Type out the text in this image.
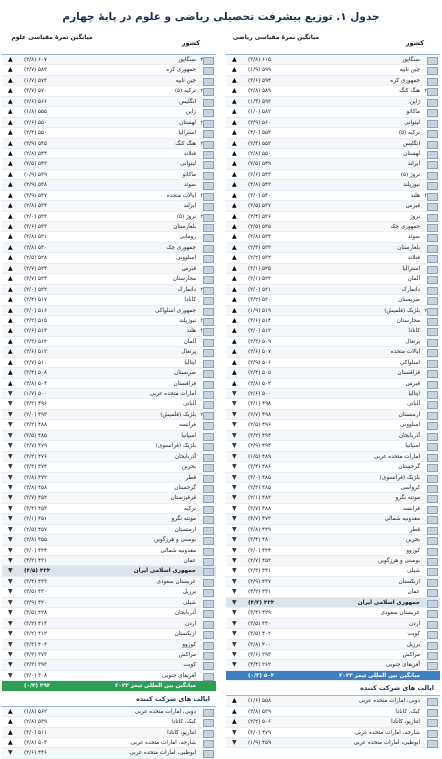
جدول ۱. توزیع پیشرفت تحصیلی ریاضی و علوم در پایهٔ چهارم
کشور
میانگین نمرهٔ مقیاسی ریاضی
سنگاپور
(۳/۸) ۶۱۵
▲
چین تایپه
(۱/۹) ۵۹۹
▲
جمهوری کره
(۳/۶) ۵۹۴
▲
۲
هنگ کنگ
(۲/۸) ۵۸۹
▲
ژاپن
(۱/۳) ۵۹۳
▲
ماکائو
(۱/۰) ۵۸۲
▲
لیتوانی
(۲/۹) ۵۶۰
▲
ترکیه (۵)
(۴/۰) ۵۵۳
▲
انگلیس
(۲/۴) ۵۵۲
▲
لهستان
(۲/۸) ۵۵۰
▲
ایرلند
(۲/۵) ۵۴۹
▲
نروژ (۵)
(۲/۶) ۵۴۳
▲
نیوزیلند
(۴/۸) ۵۴۲
▲
†
هلند
(۳/۰) ۵۴۰
▲
قبرس
(۳/۵) ۵۳۷
▲
نروژ
(۲/۴) ۵۳۶
▲
جمهوری چک
(۲/۵) ۵۳۵
▲
سوئد
(۲/۸) ۵۳۴
▲
بلغارستان
(۲/۳) ۵۳۳
▲
فنلاند
(۲/۲) ۵۳۲
▲
استرالیا
(۳/۱) ۵۲۵
▲
آلمان
(۲/۱) ۵۲۲
▲
دانمارک
(۲/۰) ۵۲۱
▲
صربستان
(۳/۲) ۵۲۰
▲
۲
بلژیک (فلمیش)
(۱/۹) ۵۱۹
▲
مجارستان
(۳/۶) ۵۱۴
▲
کانادا
(۲/۰) ۵۱۲
▲
پرتغال
(۲/۳) ۵۰۹
▲
ایالات متحده
(۲/۶) ۵۰۷
▲
اسلواکی
(۲/۹) ۵۰۶
▲
قزاقستان
(۲/۴) ۵۰۵
▲
قبرس
(۲/۸) ۵۰۲
▲
ایتالیا
(۲/۶) ۵۰۰
▼
آلبانی
(۳/۱) ۴۹۸
▼
ارمنستان
(۲/۷) ۴۹۸
▼
اسلوونی
(۲/۵) ۴۹۶
▼
آذربایجان
(۳/۲) ۴۹۴
▼
اسپانیا
(۲/۹) ۴۹۴
▼
امارات متحده عربی
(۱/۵) ۴۸۹
▼
گرجستان
(۳/۴) ۴۸۶
▼
بلژیک (فرانسوی)
(۳/۰) ۴۸۵
▼
کرواسی
(۲/۳) ۴۸۵
▼
مونته نگرو
(۲/۱) ۴۸۲
▼
فرانسه
(۳/۷) ۴۸۸
▼
مقدونیه شمالی
(۴/۷) ۴۷۲
▼
قطر
(۳/۸) ۴۴۹
▼
بحرین
(۳/۴) ۴۸۰
▼
کوزوو
(۲/۰) ۴۴۴
▼
بوسنی و هرزگوین
(۲/۷) ۴۵۲
▼
شیلی
(۲/۳) ۴۴۱
▼
ازبکستان
(۲/۹) ۴۳۷
▼
عمان
(۴/۲) ۴۳۱
▼
جمهوری اسلامی ایران
(۴/۳) ۴۳۴
▼
عربستان سعودی
(۳/۴) ۴۲۹
▼
اردن
(۳/۵) ۴۳۰
▼
کویت
(۳/۵) ۴۰۲
▼
برزیل
(۳/۸) ۴۰۰
▼
مراکش
(۳/۶) ۳۹۳
▼
آفریقای جنوبی
(۴/۴) ۳۶۲
▼
میانگین بین المللی تیمز ۲۰۲۳
(۰/۳) ۵۰۳
ایالت های شرکت کننده
دوبی، امارات متحده عربی
(۱/۶) ۵۵۸
▲
کبک، کانادا
(۲/۸) ۵۳۹
▲
انتاریو، کانادا
(۲/۲) ۵۰۶
▲
شارجه، امارات متحده عربی
(۳/۰) ۴۷۹
▼
ابوظبی، امارات متحده عربی
(۱/۹) ۴۵۹
▼
کشور
میانگین نمرهٔ مقیاسی علوم
۳
سنگاپور
(۲/۸) ۶۰۷
▲
جمهوری کره
(۲/۷) ۵۸۳
▲
چین تایپه
(۱/۷) ۵۷۳
▲
۲
ترکیه (۵)
(۳/۷) ۵۷۰
▲
انگلیس
(۲/۶) ۵۶۶
▲
ژاپن
(۱/۸) ۵۵۵
▲
۲
لهستان
(۲/۶) ۵۵۰
▲
استرالیا
(۲/۴) ۵۵۰
▲
۲
هنگ کنگ
(۳/۹) ۵۴۵
▲
فنلاند
(۲/۸) ۵۴۴
▲
لیتوانی
(۲/۵) ۵۴۳
▲
ماکائو
(۰/۹) ۵۳۹
▲
سوئد
(۲/۹) ۵۳۸
▲
†
ایالات متحده
(۳/۹) ۵۳۷
▲
ایرلند
(۲/۸) ۵۳۴
▲
۲
نروژ (۵)
(۲/۰) ۵۳۳
▲
بلغارستان
(۳/۶) ۵۳۳
▲
رومانی
(۲/۸) ۵۳۱
▲
جمهوری چک
(۲/۸) ۵۳۰
▲
اسلوونی
(۲/۵) ۵۲۸
▲
قبرس
(۲/۷) ۵۲۴
▲
مجارستان
(۳/۷) ۵۲۴
▲
۲
دانمارک
(۲/۰) ۵۲۲
▲
کانادا
(۲/۴) ۵۱۷
▲
جمهوری اسلواکی
(۳/۰) ۵۱۶
▲
†
نیوزیلند
(۳/۲) ۵۱۵
▲
†
هلند
(۲/۶) ۵۱۳
▲
آلمان
(۳/۳) ۵۱۴
▲
پرتغال
(۲/۶) ۵۱۲
▲
ایتالیا
(۲/۷) ۵۱۰
▲
صربستان
(۳/۴) ۵۰۸
▲
قزاقستان
(۲/۸) ۵۰۴
▲
امارات متحده عربی
(۱/۷) ۵۰۰
▼
آلبانی
(۳/۳) ۴۹۶
▼
۲
بلژیک (فلمیش)
(۲/۰) ۴۹۳
▼
فرانسه
(۳/۲) ۴۸۸
▼
اسپانیا
(۳/۵) ۴۸۵
▼
بلژیک (فرانسوی)
(۲/۷) ۴۷۹
▼
آذربایجان
(۳/۲) ۴۷۶
▼
بحرین
(۳/۳) ۴۷۴
▼
قطر
(۳/۸) ۴۷۲
▼
گرجستان
(۳/۸) ۴۵۸
▼
قرقیزستان
(۳/۷) ۴۵۲
▼
ترکیه
(۳/۴) ۴۵۳
▼
مونته نگرو
(۲/۱) ۴۵۱
▼
ارمنستان
(۲/۵) ۴۵۷
▼
بوسنی و هرزگوین
(۲/۸) ۴۵۵
▼
مقدونیه شمالی
(۳/۰) ۴۴۴
▼
عمان
(۴/۲) ۴۳۱
▼
جمهوری اسلامی ایران
(۴/۵) ۴۳۴
▼
عربستان سعودی
(۳/۴) ۴۳۳
▼
برزیل
(۳/۵) ۴۳۰
▼
شیلی
(۲/۹) ۴۲۰
▼
آذربایجان
(۳/۵) ۴۲۸
▼
اردن
(۳/۲) ۴۱۴
▼
ازبکستان
(۳/۲) ۴۱۲
▼
کوزوو
(۳/۳) ۴۰۳
▼
مراکش
(۴/۳) ۳۷۳
▼
کویت
(۳/۳) ۳۹۳
▼
آفریقای جنوبی
(۳/۰) ۳۰۸
▼
میانگین بین المللی تیمز ۲۰۲۳
(۰/۴) ۴۹۴
ایالت های شرکت کننده
دوبی، امارات متحده عربی
(۱/۸) ۵۶۲
▲
کبک، کانادا
(۲/۸) ۵۳۹
▲
انتاریو، کانادا
(۳/۰) ۵۱۱
▲
شارجه، امارات متحده عربی
(۲/۸) ۵۰۳
▲
ابوظبی، امارات متحده عربی
(۲/۶) ۴۴۶
▼
